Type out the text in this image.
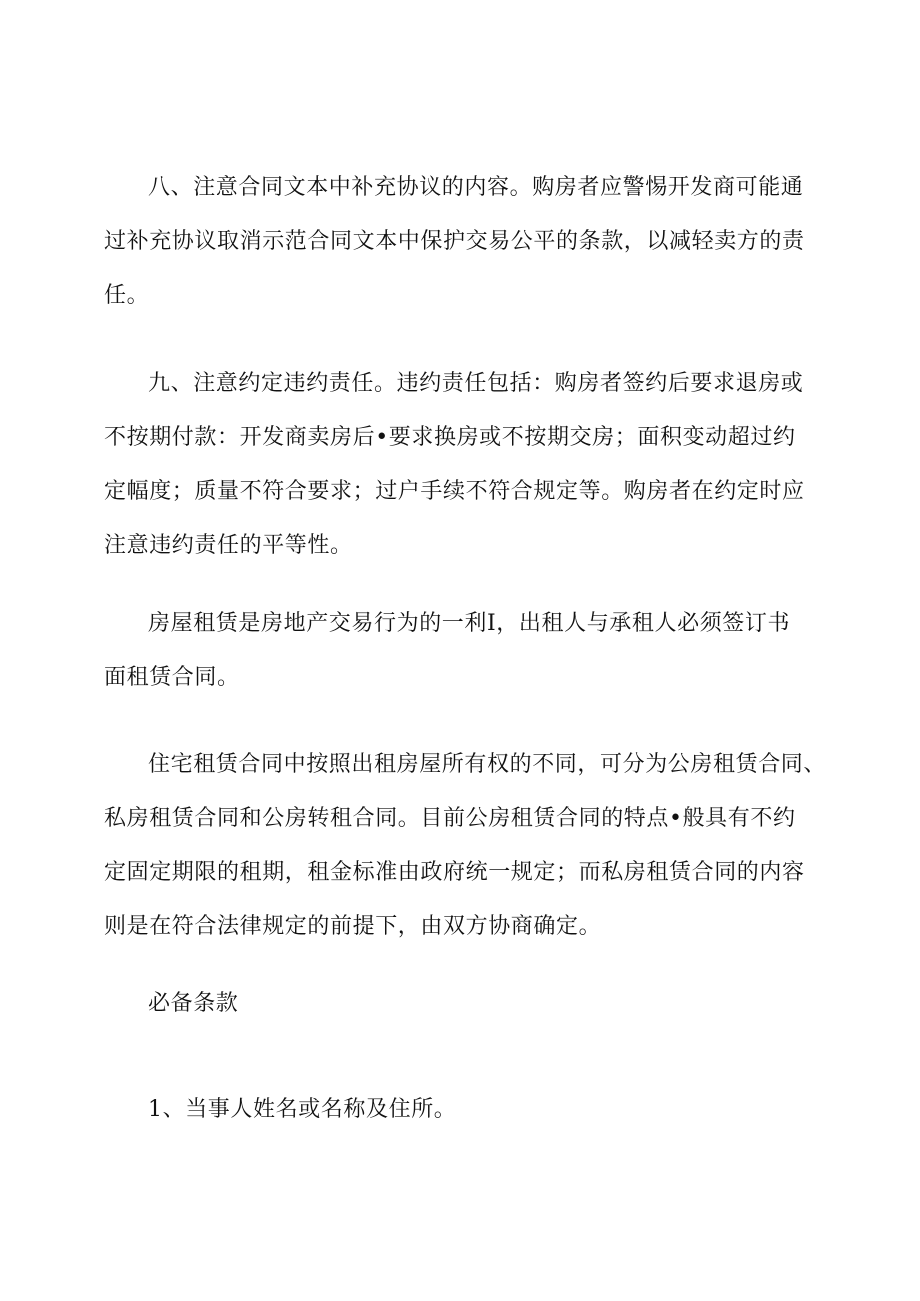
八、注意合同文本中补充协议的内容。购房者应警惕开发商可能通
过补充协议取消示范合同文本中保护交易公平的条款，以减轻卖方的责
任。
九、注意约定违约责任。违约责任包括：购房者签约后要求退房或
不按期付款：开发商卖房后•要求换房或不按期交房；面积变动超过约
定幅度；质量不符合要求；过户手续不符合规定等。购房者在约定时应
注意违约责任的平等性。
房屋租赁是房地产交易行为的一利I，出租人与承租人必须签订书
面租赁合同。
住宅租赁合同中按照出租房屋所有权的不同，可分为公房租赁合同、
私房租赁合同和公房转租合同。目前公房租赁合同的特点•般具有不约
定固定期限的租期，租金标准由政府统一规定；而私房租赁合同的内容
则是在符合法律规定的前提下，由双方协商确定。
必备条款
1、当事人姓名或名称及住所。
